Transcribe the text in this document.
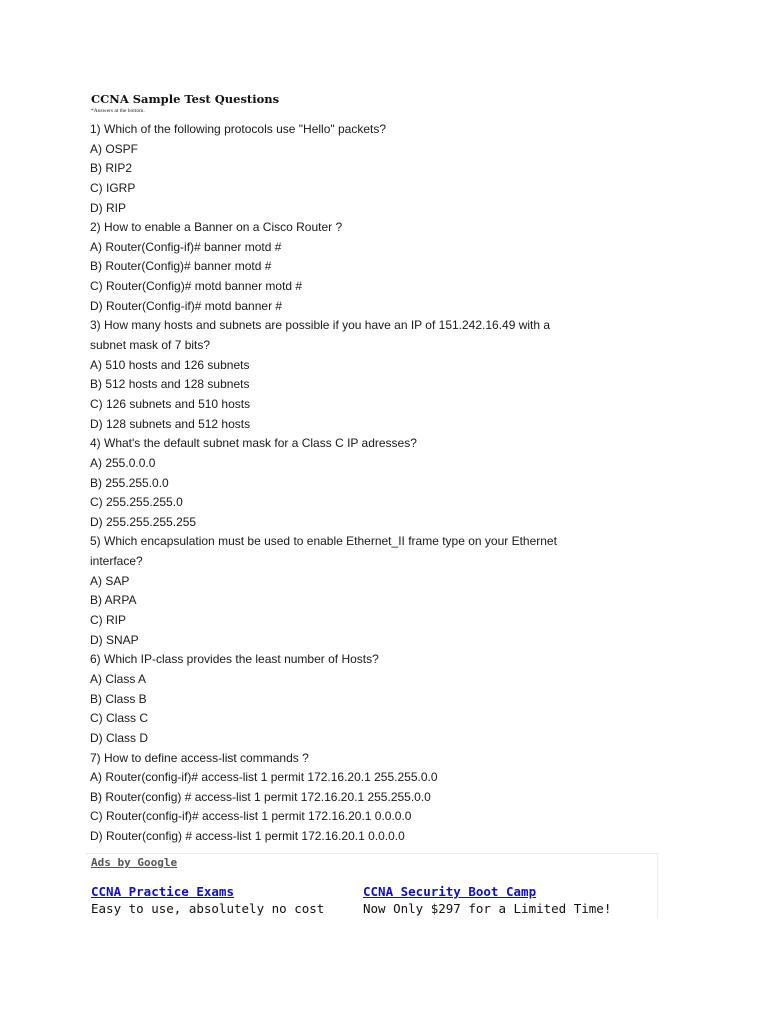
CCNA Sample Test Questions
*Answers at the bottom.
1) Which of the following protocols use "Hello" packets?
A) OSPF
B) RIP2
C) IGRP
D) RIP
2) How to enable a Banner on a Cisco Router ?
A) Router(Config-if)# banner motd #
B) Router(Config)# banner motd #
C) Router(Config)# motd banner motd #
D) Router(Config-if)# motd banner #
3) How many hosts and subnets are possible if you have an IP of 151.242.16.49 with a
subnet mask of 7 bits?
A) 510 hosts and 126 subnets
B) 512 hosts and 128 subnets
C) 126 subnets and 510 hosts
D) 128 subnets and 512 hosts
4) What's the default subnet mask for a Class C IP adresses?
A) 255.0.0.0
B) 255.255.0.0
C) 255.255.255.0
D) 255.255.255.255
5) Which encapsulation must be used to enable Ethernet_II frame type on your Ethernet
interface?
A) SAP
B) ARPA
C) RIP
D) SNAP
6) Which IP-class provides the least number of Hosts?
A) Class A
B) Class B
C) Class C
D) Class D
7) How to define access-list commands ?
A) Router(config-if)# access-list 1 permit 172.16.20.1 255.255.0.0
B) Router(config) # access-list 1 permit 172.16.20.1 255.255.0.0
C) Router(config-if)# access-list 1 permit 172.16.20.1 0.0.0.0
D) Router(config) # access-list 1 permit 172.16.20.1 0.0.0.0
Ads by Google
CCNA Practice Exams
Easy to use, absolutely no cost
CCNA Security Boot Camp
Now Only $297 for a Limited Time!
